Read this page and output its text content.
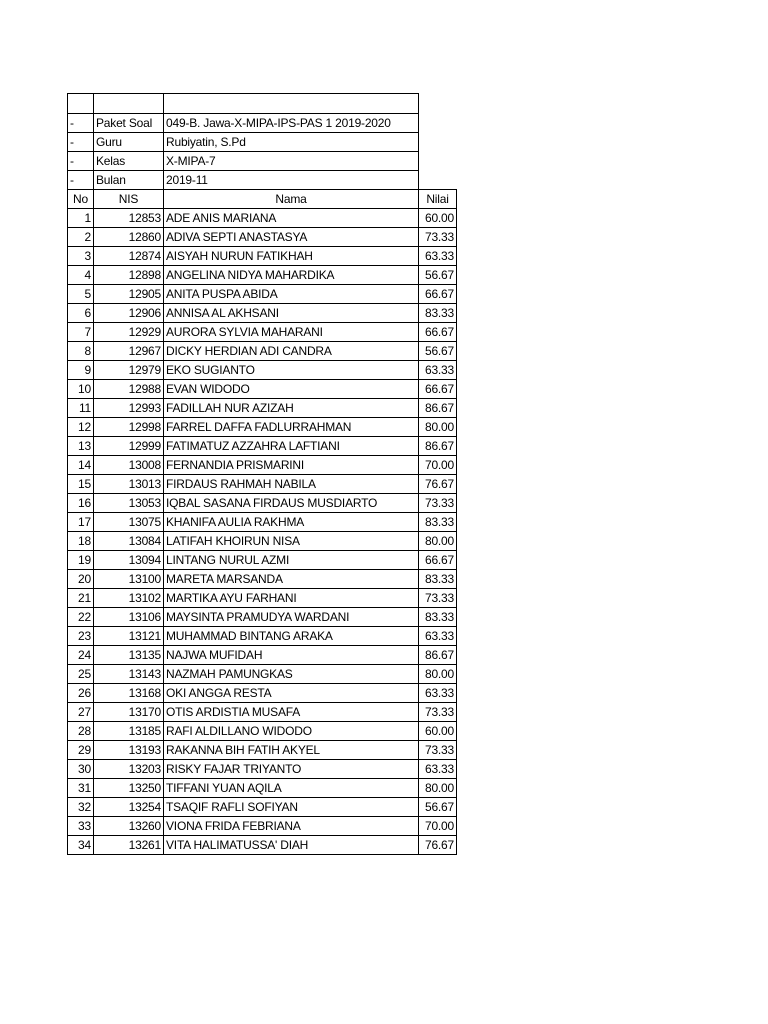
-	Paket Soal	049-B. Jawa-X-MIPA-IPS-PAS 1 2019-2020	
-	Guru	Rubiyatin, S.Pd	
-	Kelas	X-MIPA-7	
-	Bulan	2019-11	
No	NIS	Nama	Nilai
1	12853	ADE ANIS MARIANA	60.00
2	12860	ADIVA SEPTI ANASTASYA	73.33
3	12874	AISYAH NURUN FATIKHAH	63.33
4	12898	ANGELINA NIDYA MAHARDIKA	56.67
5	12905	ANITA PUSPA ABIDA	66.67
6	12906	ANNISA AL AKHSANI	83.33
7	12929	AURORA SYLVIA MAHARANI	66.67
8	12967	DICKY HERDIAN ADI CANDRA	56.67
9	12979	EKO SUGIANTO	63.33
10	12988	EVAN WIDODO	66.67
11	12993	FADILLAH NUR AZIZAH	86.67
12	12998	FARREL DAFFA FADLURRAHMAN	80.00
13	12999	FATIMATUZ AZZAHRA LAFTIANI	86.67
14	13008	FERNANDIA PRISMARINI	70.00
15	13013	FIRDAUS RAHMAH NABILA	76.67
16	13053	IQBAL SASANA FIRDAUS MUSDIARTO	73.33
17	13075	KHANIFA AULIA RAKHMA	83.33
18	13084	LATIFAH KHOIRUN NISA	80.00
19	13094	LINTANG NURUL AZMI	66.67
20	13100	MARETA MARSANDA	83.33
21	13102	MARTIKA AYU FARHANI	73.33
22	13106	MAYSINTA PRAMUDYA WARDANI	83.33
23	13121	MUHAMMAD BINTANG ARAKA	63.33
24	13135	NAJWA MUFIDAH	86.67
25	13143	NAZMAH PAMUNGKAS	80.00
26	13168	OKI ANGGA RESTA	63.33
27	13170	OTIS ARDISTIA MUSAFA	73.33
28	13185	RAFI ALDILLANO WIDODO	60.00
29	13193	RAKANNA BIH FATIH AKYEL	73.33
30	13203	RISKY FAJAR TRIYANTO	63.33
31	13250	TIFFANI YUAN AQILA	80.00
32	13254	TSAQIF RAFLI SOFIYAN	56.67
33	13260	VIONA FRIDA FEBRIANA	70.00
34	13261	VITA HALIMATUSSA' DIAH	76.67
